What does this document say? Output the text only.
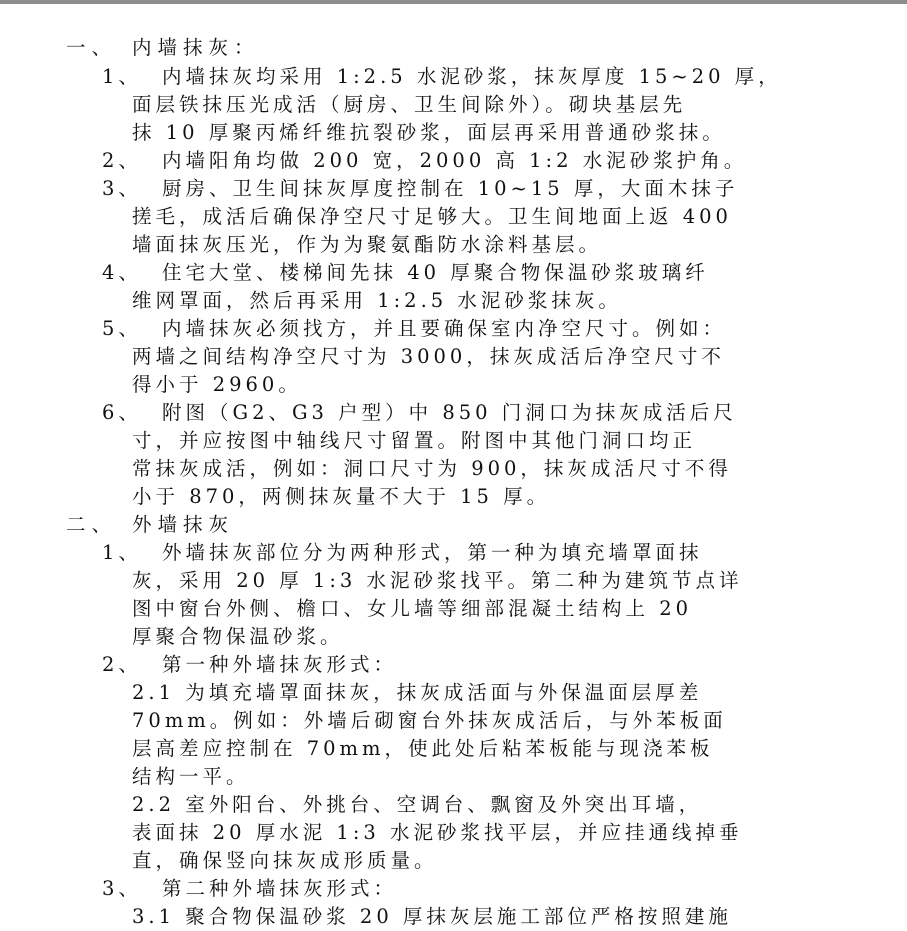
一、 内墙抹灰：
1、 内墙抹灰均采用 1:2.5 水泥砂浆，抹灰厚度 15~20 厚，
面层铁抹压光成活（厨房、卫生间除外）。砌块基层先
抹 10 厚聚丙烯纤维抗裂砂浆，面层再采用普通砂浆抹。
2、 内墙阳角均做 200 宽，2000 高 1:2 水泥砂浆护角。
3、 厨房、卫生间抹灰厚度控制在 10~15 厚，大面木抹子
搓毛，成活后确保净空尺寸足够大。卫生间地面上返 400
墙面抹灰压光，作为为聚氨酯防水涂料基层。
4、 住宅大堂、楼梯间先抹 40 厚聚合物保温砂浆玻璃纤
维网罩面，然后再采用 1:2.5 水泥砂浆抹灰。
5、 内墙抹灰必须找方，并且要确保室内净空尺寸。例如：
两墙之间结构净空尺寸为 3000，抹灰成活后净空尺寸不
得小于 2960。
6、 附图（G2、G3 户型）中 850 门洞口为抹灰成活后尺
寸，并应按图中轴线尺寸留置。附图中其他门洞口均正
常抹灰成活，例如：洞口尺寸为 900，抹灰成活尺寸不得
小于 870，两侧抹灰量不大于 15 厚。
二、 外墙抹灰
1、 外墙抹灰部位分为两种形式，第一种为填充墙罩面抹
灰，采用 20 厚 1:3 水泥砂浆找平。第二种为建筑节点详
图中窗台外侧、檐口、女儿墙等细部混凝土结构上 20
厚聚合物保温砂浆。
2、 第一种外墙抹灰形式：
2.1 为填充墙罩面抹灰，抹灰成活面与外保温面层厚差
70mm。例如：外墙后砌窗台外抹灰成活后，与外苯板面
层高差应控制在 70mm，使此处后粘苯板能与现浇苯板
结构一平。
2.2 室外阳台、外挑台、空调台、飘窗及外突出耳墙，
表面抹 20 厚水泥 1:3 水泥砂浆找平层，并应挂通线掉垂
直，确保竖向抹灰成形质量。
3、 第二种外墙抹灰形式：
3.1 聚合物保温砂浆 20 厚抹灰层施工部位严格按照建施
